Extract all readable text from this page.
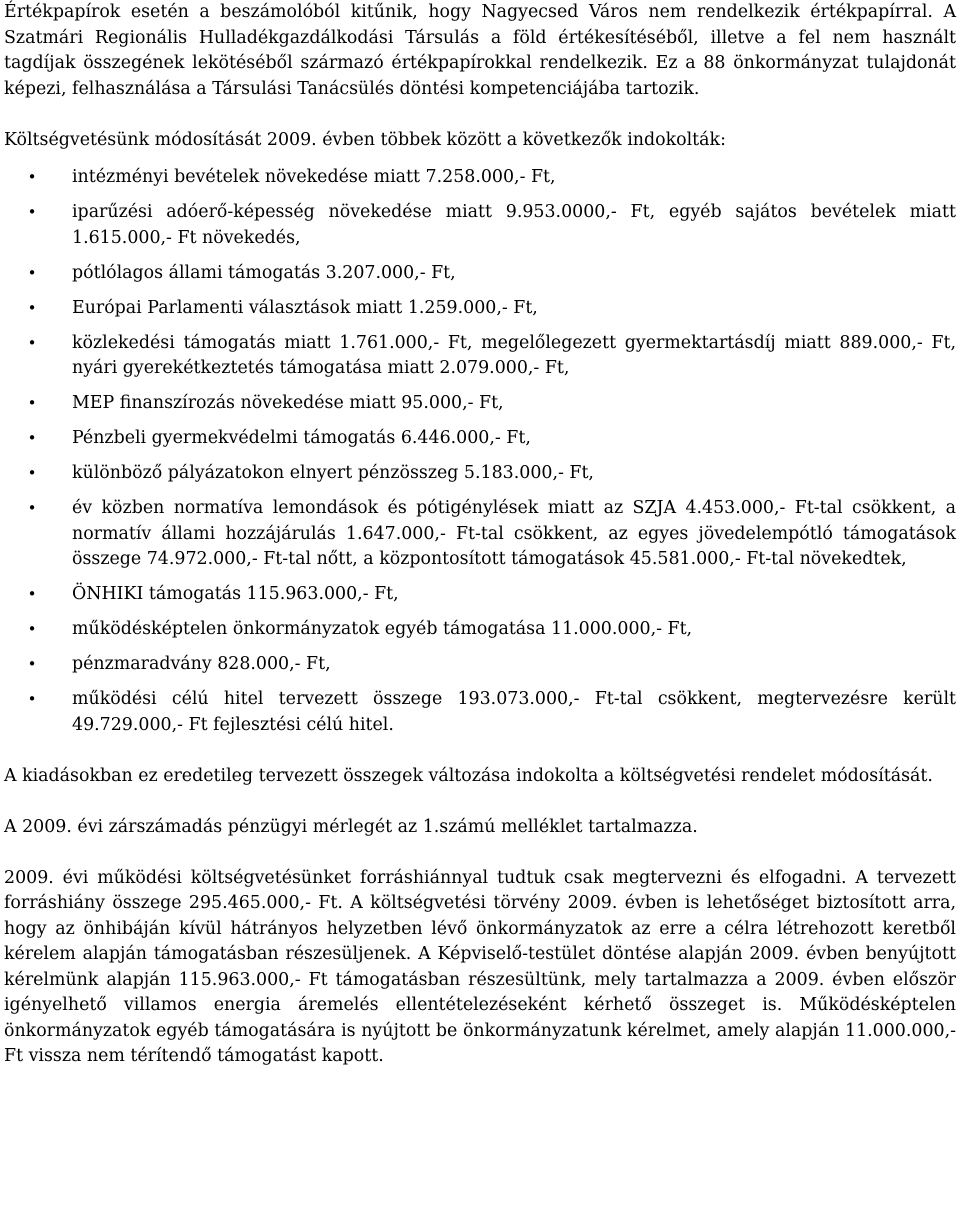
Értékpapírok esetén a beszámolóból kitűnik, hogy Nagyecsed Város nem rendelkezik értékpapírral. A Szatmári Regionális Hulladékgazdálkodási Társulás a föld értékesítéséből, illetve a fel nem használt tagdíjak összegének lekötéséből származó értékpapírokkal rendelkezik. Ez a 88 önkormányzat tulajdonát képezi, felhasználása a Társulási Tanácsülés döntési kompetenciájába tartozik.

Költségvetésünk módosítását 2009. évben többek között a következők indokolták:

• intézményi bevételek növekedése miatt 7.258.000,- Ft,
• iparűzési adóerő-képesség növekedése miatt 9.953.0000,- Ft, egyéb sajátos bevételek miatt 1.615.000,- Ft növekedés,
• pótlólagos állami támogatás 3.207.000,- Ft,
• Európai Parlamenti választások miatt 1.259.000,- Ft,
• közlekedési támogatás miatt 1.761.000,- Ft, megelőlegezett gyermektartásdíj miatt 889.000,- Ft, nyári gyerekétkeztetés támogatása miatt 2.079.000,- Ft,
• MEP finanszírozás növekedése miatt 95.000,- Ft,
• Pénzbeli gyermekvédelmi támogatás 6.446.000,- Ft,
• különböző pályázatokon elnyert pénzösszeg 5.183.000,- Ft,
• év közben normatíva lemondások és pótigénylések miatt az SZJA 4.453.000,- Ft-tal csökkent, a normatív állami hozzájárulás 1.647.000,- Ft-tal csökkent, az egyes jövedelempótló támogatások összege 74.972.000,- Ft-tal nőtt, a központosított támogatások 45.581.000,- Ft-tal növekedtek,
• ÖNHIKI támogatás 115.963.000,- Ft,
• működésképtelen önkormányzatok egyéb támogatása 11.000.000,- Ft,
• pénzmaradvány 828.000,- Ft,
• működési célú hitel tervezett összege 193.073.000,- Ft-tal csökkent, megtervezésre került 49.729.000,- Ft fejlesztési célú hitel.

A kiadásokban ez eredetileg tervezett összegek változása indokolta a költségvetési rendelet módosítását.

A 2009. évi zárszámadás pénzügyi mérlegét az 1.számú melléklet tartalmazza.

2009. évi működési költségvetésünket forráshiánnyal tudtuk csak megtervezni és elfogadni. A tervezett forráshiány összege 295.465.000,- Ft. A költségvetési törvény 2009. évben is lehetőséget biztosított arra, hogy az önhibáján kívül hátrányos helyzetben lévő önkormányzatok az erre a célra létrehozott keretből kérelem alapján támogatásban részesüljenek. A Képviselő-testület döntése alapján 2009. évben benyújtott kérelmünk alapján 115.963.000,- Ft támogatásban részesültünk, mely tartalmazza a 2009. évben először igényelhető villamos energia áremelés ellentételezéseként kérhető összeget is. Működésképtelen önkormányzatok egyéb támogatására is nyújtott be önkormányzatunk kérelmet, amely alapján 11.000.000,- Ft vissza nem térítendő támogatást kapott.
